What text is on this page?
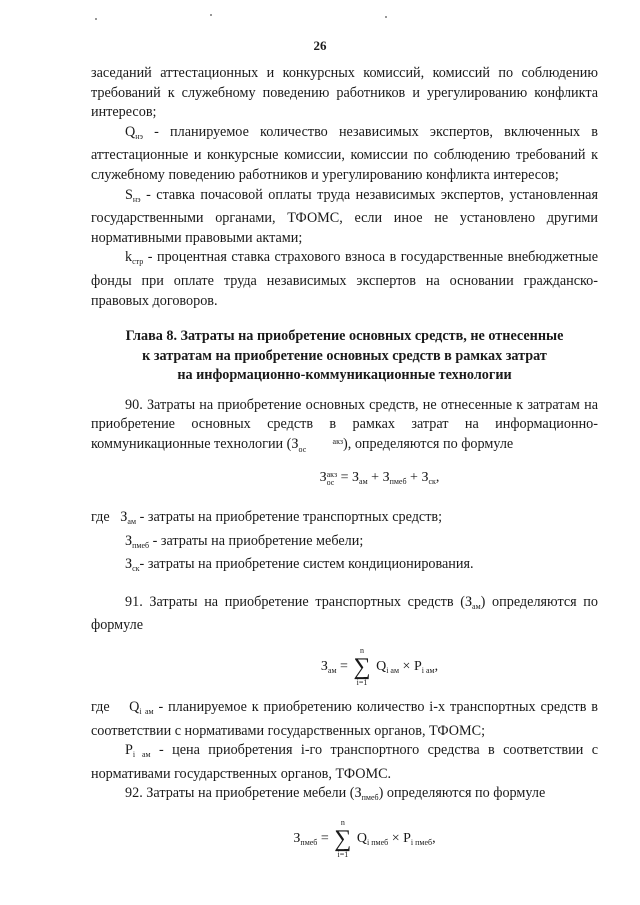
26

заседаний аттестационных и конкурсных комиссий, комиссий по соблюдению требований к служебному поведению работников и урегулированию конфликта интересов;

$Q_{нэ}$ - планируемое количество независимых экспертов, включенных в аттестационные и конкурсные комиссии, комиссии по соблюдению требований к служебному поведению работников и урегулированию конфликта интересов;

$S_{нэ}$ - ставка почасовой оплаты труда независимых экспертов, установленная государственными органами, ТФОМС, если иное не установлено другими нормативными правовыми актами;

$k_{стр}$ - процентная ставка страхового взноса в государственные внебюджетные фонды при оплате труда независимых экспертов на основании гражданско-правовых договоров.

Глава 8. Затраты на приобретение основных средств, не отнесенные
к затратам на приобретение основных средств в рамках затрат
на информационно-коммуникационные технологии

90. Затраты на приобретение основных средств, не отнесенные к затратам на приобретение основных средств в рамках затрат на информационно-коммуникационные технологии (З	акз
ос	), определяются по формуле

Закз
ос = $З_{ам} + З_{пмеб} + З_{ск}$,

где $З_{ам}$ - затраты на приобретение транспортных средств;

$З_{пмеб}$ - затраты на приобретение мебели;

$З_{ск}-$ затраты на приобретение систем кондиционирования.

91. Затраты на приобретение транспортных средств $(З_{ам})$ определяются по формуле

$З_{ам}$ =
n
∑
i=1
$Q_{i ам} \times P_{i ам}$,

где $Q_{i ам}$ - планируемое к приобретению количество i-х транспортных средств в соответствии с нормативами государственных органов, ТФОМС;

$P_{i ам}$ - цена приобретения i-го транспортного средства в соответствии с нормативами государственных органов, ТФОМС.

92. Затраты на приобретение мебели $(З_{пмеб})$ определяются по формуле

$З_{пмеб}$ =
n
∑
i=1
$Q_{i пмеб} \times P_{i пмеб}$,
